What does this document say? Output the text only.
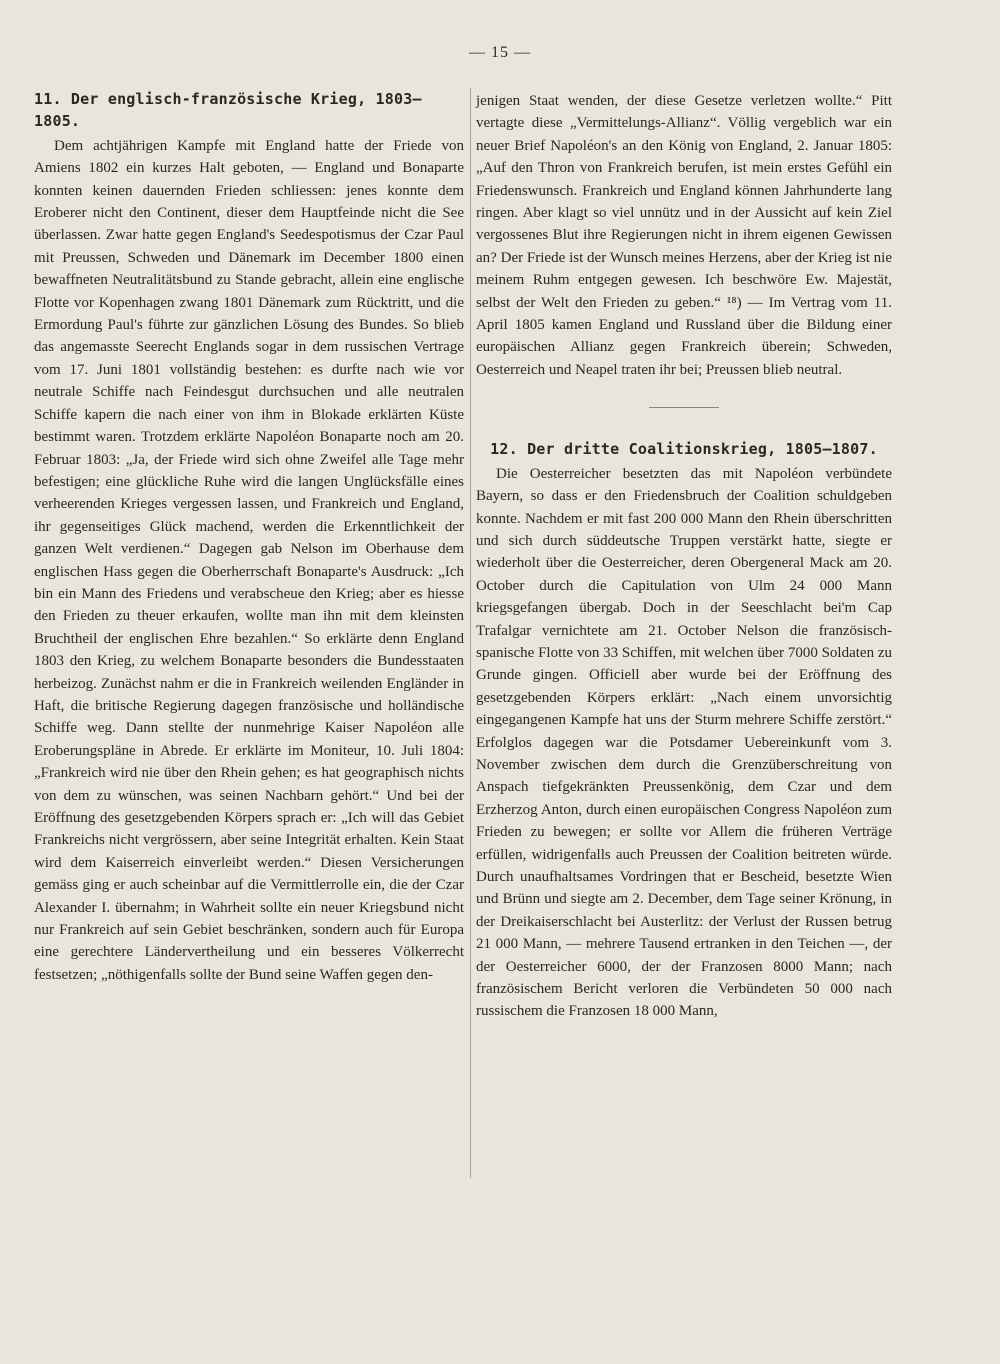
— 15 —
11. Der englisch-französische Krieg, 1803—1805.

Dem achtjährigen Kampfe mit England hatte der Friede von Amiens 1802 ein kurzes Halt geboten, — England und Bonaparte konnten keinen dauernden Frieden schliessen: jenes konnte dem Eroberer nicht den Continent, dieser dem Hauptfeinde nicht die See überlassen. Zwar hatte gegen England's Seedespotismus der Czar Paul mit Preussen, Schweden und Dänemark im December 1800 einen bewaffneten Neutralitätsbund zu Stande gebracht, allein eine englische Flotte vor Kopenhagen zwang 1801 Dänemark zum Rücktritt, und die Ermordung Paul's führte zur gänzlichen Lösung des Bundes. So blieb das angemasste Seerecht Englands sogar in dem russischen Vertrage vom 17. Juni 1801 vollständig bestehen: es durfte nach wie vor neutrale Schiffe nach Feindesgut durchsuchen und alle neutralen Schiffe kapern die nach einer von ihm in Blokade erklärten Küste bestimmt waren. Trotzdem erklärte Napoléon Bonaparte noch am 20. Februar 1803: „Ja, der Friede wird sich ohne Zweifel alle Tage mehr befestigen; eine glückliche Ruhe wird die langen Unglücksfälle eines verheerenden Krieges vergessen lassen, und Frankreich und England, ihr gegenseitiges Glück machend, werden die Erkenntlichkeit der ganzen Welt verdienen.“ Dagegen gab Nelson im Oberhause dem englischen Hass gegen die Oberherrschaft Bonaparte's Ausdruck: „Ich bin ein Mann des Friedens und verabscheue den Krieg; aber es hiesse den Frieden zu theuer erkaufen, wollte man ihn mit dem kleinsten Bruchtheil der englischen Ehre bezahlen.“ So erklärte denn England 1803 den Krieg, zu welchem Bonaparte besonders die Bundesstaaten herbeizog. Zunächst nahm er die in Frankreich weilenden Engländer in Haft, die britische Regierung dagegen französische und holländische Schiffe weg. Dann stellte der nunmehrige Kaiser Napoléon alle Eroberungspläne in Abrede. Er erklärte im Moniteur, 10. Juli 1804: „Frankreich wird nie über den Rhein gehen; es hat geographisch nichts von dem zu wünschen, was seinen Nachbarn gehört.“ Und bei der Eröffnung des gesetzgebenden Körpers sprach er: „Ich will das Gebiet Frankreichs nicht vergrössern, aber seine Integrität erhalten. Kein Staat wird dem Kaiserreich einverleibt werden.“ Diesen Versicherungen gemäss ging er auch scheinbar auf die Vermittlerrolle ein, die der Czar Alexander I. übernahm; in Wahrheit sollte ein neuer Kriegsbund nicht nur Frankreich auf sein Gebiet beschränken, sondern auch für Europa eine gerechtere Ländervertheilung und ein besseres Völkerrecht festsetzen; „nöthigenfalls sollte der Bund seine Waffen gegen den-

jenigen Staat wenden, der diese Gesetze verletzen wollte.“ Pitt vertagte diese „Vermittelungs-Allianz“. Völlig vergeblich war ein neuer Brief Napoléon's an den König von England, 2. Januar 1805: „Auf den Thron von Frankreich berufen, ist mein erstes Gefühl ein Friedenswunsch. Frankreich und England können Jahrhunderte lang ringen. Aber klagt so viel unnütz und in der Aussicht auf kein Ziel vergossenes Blut ihre Regierungen nicht in ihrem eigenen Gewissen an? Der Friede ist der Wunsch meines Herzens, aber der Krieg ist nie meinem Ruhm entgegen gewesen. Ich beschwöre Ew. Majestät, selbst der Welt den Frieden zu geben.“ ¹⁸) — Im Vertrag vom 11. April 1805 kamen England und Russland über die Bildung einer europäischen Allianz gegen Frankreich überein; Schweden, Oesterreich und Neapel traten ihr bei; Preussen blieb neutral.

12. Der dritte Coalitionskrieg, 1805—1807.

Die Oesterreicher besetzten das mit Napoléon verbündete Bayern, so dass er den Friedensbruch der Coalition schuldgeben konnte. Nachdem er mit fast 200 000 Mann den Rhein überschritten und sich durch süddeutsche Truppen verstärkt hatte, siegte er wiederholt über die Oesterreicher, deren Obergeneral Mack am 20. October durch die Capitulation von Ulm 24 000 Mann kriegsgefangen übergab. Doch in der Seeschlacht bei'm Cap Trafalgar vernichtete am 21. October Nelson die französisch-spanische Flotte von 33 Schiffen, mit welchen über 7000 Soldaten zu Grunde gingen. Officiell aber wurde bei der Eröffnung des gesetzgebenden Körpers erklärt: „Nach einem unvorsichtig eingegangenen Kampfe hat uns der Sturm mehrere Schiffe zerstört.“ Erfolglos dagegen war die Potsdamer Uebereinkunft vom 3. November zwischen dem durch die Grenzüberschreitung von Anspach tiefgekränkten Preussenkönig, dem Czar und dem Erzherzog Anton, durch einen europäischen Congress Napoléon zum Frieden zu bewegen; er sollte vor Allem die früheren Verträge erfüllen, widrigenfalls auch Preussen der Coalition beitreten würde. Durch unaufhaltsames Vordringen that er Bescheid, besetzte Wien und Brünn und siegte am 2. December, dem Tage seiner Krönung, in der Dreikaiserschlacht bei Austerlitz: der Verlust der Russen betrug 21 000 Mann, — mehrere Tausend ertranken in den Teichen —, der der Oesterreicher 6000, der der Franzosen 8000 Mann; nach französischem Bericht verloren die Verbündeten 50 000 nach russischem die Franzosen 18 000 Mann,
